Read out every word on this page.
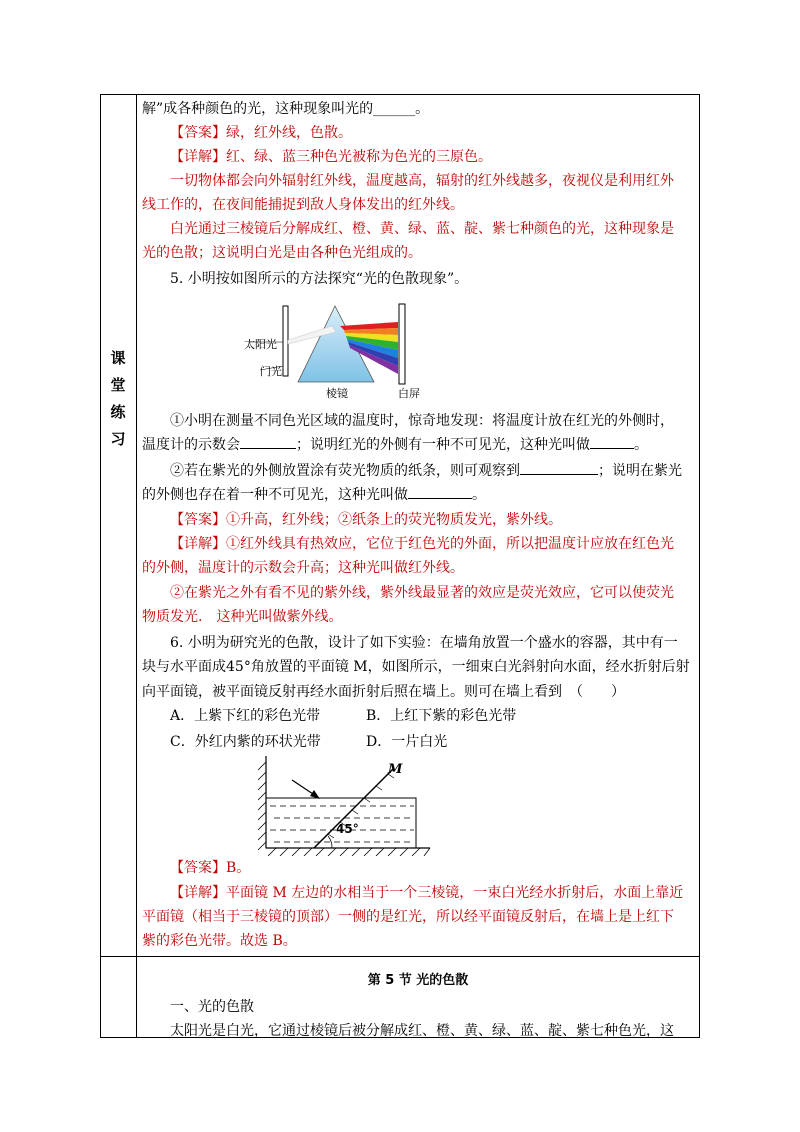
课
堂
练
习
解”成各种颜色的光，这种现象叫光的______。
【答案】绿，红外线，色散。
【详解】红、绿、蓝三种色光被称为色光的三原色。
一切物体都会向外辐射红外线，温度越高，辐射的红外线越多，夜视仪是利用红外
线工作的，在夜间能捕捉到敌人身体发出的红外线。
白光通过三棱镜后分解成红、橙、黄、绿、蓝、靛、紫七种颜色的光，这种现象是
光的色散；这说明白光是由各种色光组成的。
5. 小明按如图所示的方法探究“光的色散现象”。
①小明在测量不同色光区域的温度时，惊奇地发现：将温度计放在红光的外侧时，
温度计的示数会	；说明红光的外侧有一种不可见光，这种光叫做	。
②若在紫光的外侧放置涂有荧光物质的纸条，则可观察到	；说明在紫光
的外侧也存在着一种不可见光，这种光叫做	。
【答案】①升高，红外线；②纸条上的荧光物质发光，紫外线。
【详解】①红外线具有热效应，它位于红色光的外面，所以把温度计应放在红色光
的外侧，温度计的示数会升高；这种光叫做红外线。
②在紫光之外有看不见的紫外线，紫外线最显著的效应是荧光效应，它可以使荧光
物质发光.　这种光叫做紫外线。
6. 小明为研究光的色散，设计了如下实验：在墙角放置一个盛水的容器，其中有一
块与水平面成45°角放置的平面镜 M，如图所示，一细束白光斜射向水面，经水折射后射
向平面镜，被平面镜反射再经水面折射后照在墙上。则可在墙上看到　（　　）
A．上紫下红的彩色光带	B．上红下紫的彩色光带
C．外红内紫的环状光带	D．一片白光
【答案】B。
【详解】平面镜 M 左边的水相当于一个三棱镜，一束白光经水折射后，水面上靠近
平面镜（相当于三棱镜的顶部）一侧的是红光，所以经平面镜反射后，在墙上是上红下
紫的彩色光带。故选 B。
一、光的色散
太阳光是白光，它通过棱镜后被分解成红、橙、黄、绿、蓝、靛、紫七种色光，这
太阳光
门光
棱镜	白屏
M
45°
第 5 节 光的色散
